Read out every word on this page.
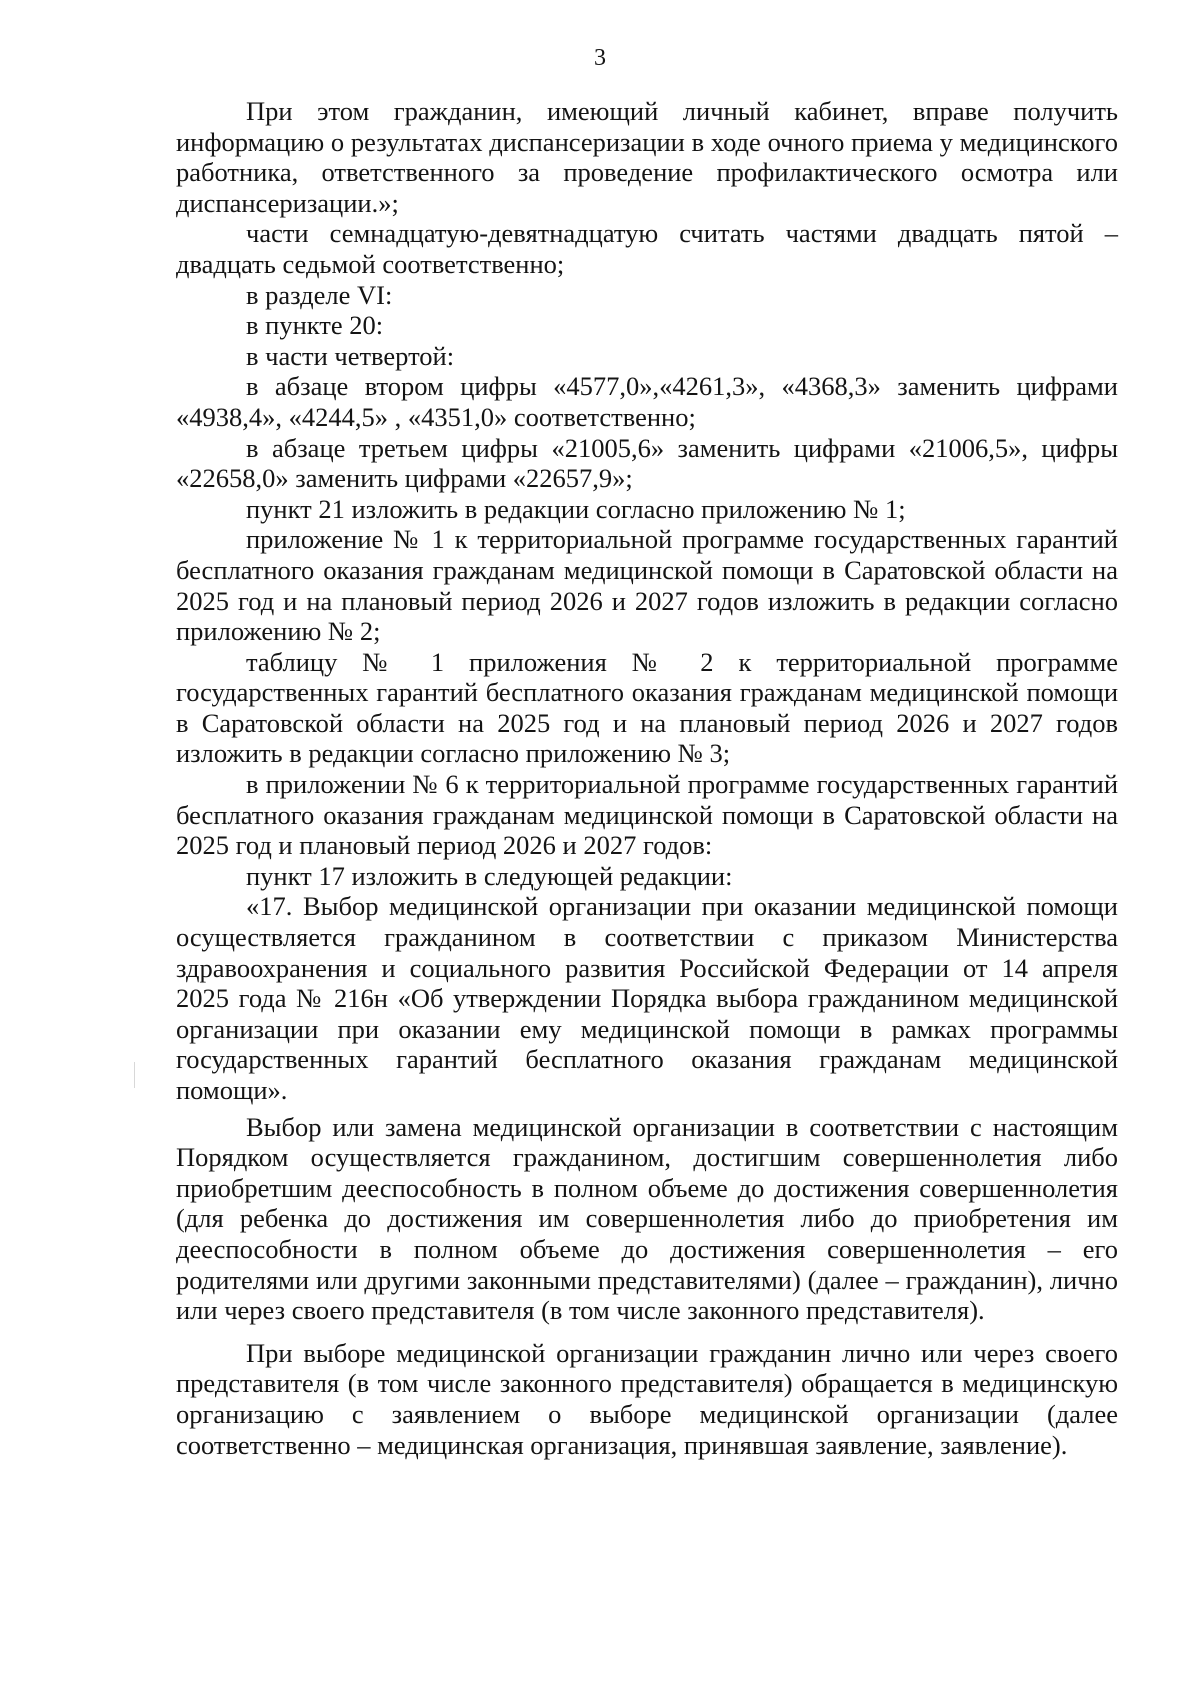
3

При этом гражданин, имеющий личный кабинет, вправе получить информацию о результатах диспансеризации в ходе очного приема у медицинского работника, ответственного за проведение профилактического осмотра или диспансеризации.»;

части семнадцатую-девятнадцатую считать частями двадцать пятой – двадцать седьмой соответственно;

в разделе VI:

в пункте 20:

в части четвертой:

в абзаце втором цифры «4577,0»,«4261,3», «4368,3» заменить цифрами «4938,4», «4244,5» , «4351,0» соответственно;

в абзаце третьем цифры «21005,6» заменить цифрами «21006,5», цифры «22658,0» заменить цифрами «22657,9»;

пункт 21 изложить в редакции согласно приложению № 1;

приложение № 1 к территориальной программе государственных гарантий бесплатного оказания гражданам медицинской помощи в Саратовской области на 2025 год и на плановый период 2026 и 2027 годов изложить в редакции согласно приложению № 2;

таблицу № 1 приложения № 2 к территориальной программе государственных гарантий бесплатного оказания гражданам медицинской помощи в Саратовской области на 2025 год и на плановый период 2026 и 2027 годов изложить в редакции согласно приложению № 3;

в приложении № 6 к территориальной программе государственных гарантий бесплатного оказания гражданам медицинской помощи в Саратовской области на 2025 год и плановый период 2026 и 2027 годов:

пункт 17 изложить в следующей редакции:

«17. Выбор медицинской организации при оказании медицинской помощи осуществляется гражданином в соответствии с приказом Министерства здравоохранения и социального развития Российской Федерации от 14 апреля 2025 года № 216н «Об утверждении Порядка выбора гражданином медицинской организации при оказании ему медицинской помощи в рамках программы государственных гарантий бесплатного оказания гражданам медицинской помощи».

Выбор или замена медицинской организации в соответствии с настоящим Порядком осуществляется гражданином, достигшим совершеннолетия либо приобретшим дееспособность в полном объеме до достижения совершеннолетия (для ребенка до достижения им совершеннолетия либо до приобретения им дееспособности в полном объеме до достижения совершеннолетия – его родителями или другими законными представителями) (далее – гражданин), лично или через своего представителя (в том числе законного представителя).

При выборе медицинской организации гражданин лично или через своего представителя (в том числе законного представителя) обращается в медицинскую организацию с заявлением о выборе медицинской организации (далее соответственно – медицинская организация, принявшая заявление, заявление).
